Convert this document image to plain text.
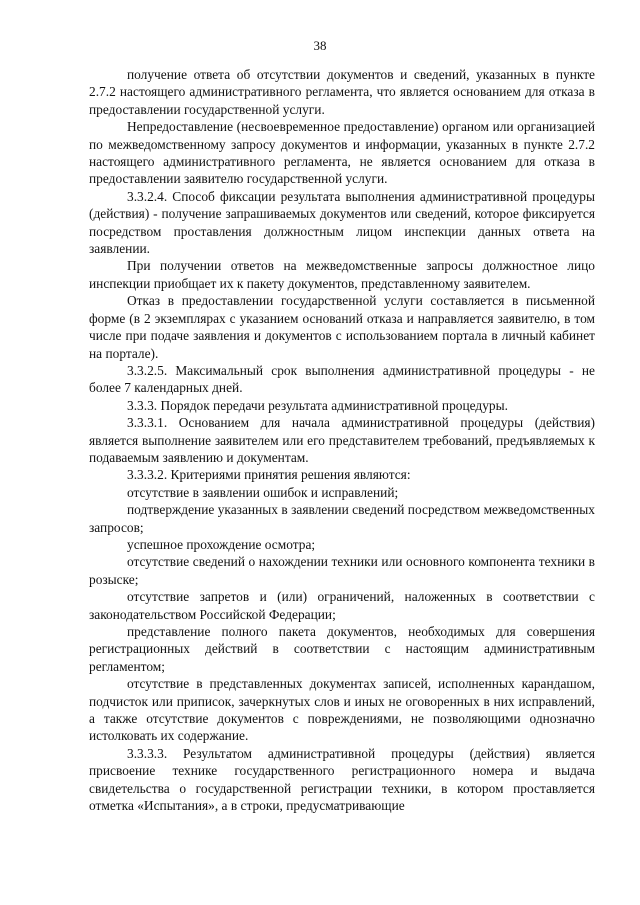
38

получение ответа об отсутствии документов и сведений, указанных в пункте 2.7.2 настоящего административного регламента, что является основанием для отказа в предоставлении государственной услуги.

Непредоставление (несвоевременное предоставление) органом или организацией по межведомственному запросу документов и информации, указанных в пункте 2.7.2 настоящего административного регламента, не является основанием для отказа в предоставлении заявителю государственной услуги.

3.3.2.4. Способ фиксации результата выполнения административной процедуры (действия) - получение запрашиваемых документов или сведений, которое фиксируется посредством проставления должностным лицом инспекции данных ответа на заявлении.

При получении ответов на межведомственные запросы должностное лицо инспекции приобщает их к пакету документов, представленному заявителем.

Отказ в предоставлении государственной услуги составляется в письменной форме (в 2 экземплярах с указанием оснований отказа и направляется заявителю, в том числе при подаче заявления и документов с использованием портала в личный кабинет на портале).

3.3.2.5. Максимальный срок выполнения административной процедуры - не более 7 календарных дней.

3.3.3. Порядок передачи результата административной процедуры.

3.3.3.1. Основанием для начала административной процедуры (действия) является выполнение заявителем или его представителем требований, предъявляемых к подаваемым заявлению и документам.

3.3.3.2. Критериями принятия решения являются:

отсутствие в заявлении ошибок и исправлений;

подтверждение указанных в заявлении сведений посредством межведомственных запросов;

успешное прохождение осмотра;

отсутствие сведений о нахождении техники или основного компонента техники в розыске;

отсутствие запретов и (или) ограничений, наложенных в соответствии с законодательством Российской Федерации;

представление полного пакета документов, необходимых для совершения регистрационных действий в соответствии с настоящим административным регламентом;

отсутствие в представленных документах записей, исполненных карандашом, подчисток или приписок, зачеркнутых слов и иных не оговоренных в них исправлений, а также отсутствие документов с повреждениями, не позволяющими однозначно истолковать их содержание.

3.3.3.3. Результатом административной процедуры (действия) является присвоение технике государственного регистрационного номера и выдача свидетельства о государственной регистрации техники, в котором проставляется отметка «Испытания», а в строки, предусматривающие
